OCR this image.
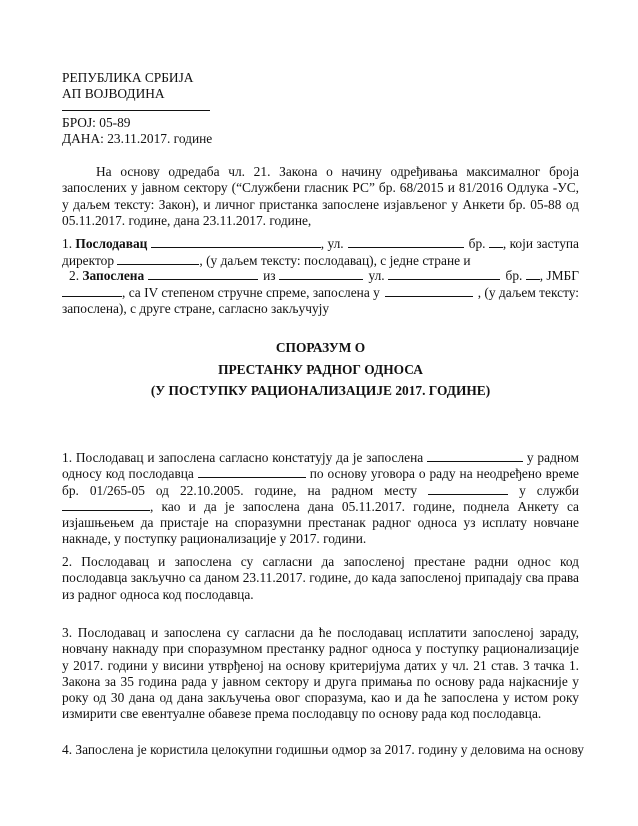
РЕПУБЛИКА СРБИЈА
АП ВОЈВОДИНА
БРОЈ: 05-89
ДАНА: 23.11.2017. године

На основу одредаба чл. 21. Закона о начину одређивања максималног броја запослених у јавном сектору (“Службени гласник РС” бр. 68/2015 и 81/2016 Одлука -УС, у даљем тексту: Закон), и личног пристанка запослене изјављеног у Анкети бр. 05-88 од 05.11.2017. године, дана 23.11.2017. године,

1. Послодавац	, ул.	бр. , који заступа
директор	, (у даљем тексту: послодавац), с једне стране и
2. Запослена	из	ул.	бр. , ЈМБГ
, са IV степеном стручне спреме, запослена у	, (у даљем тексту:
запослена), с друге стране, сагласно закључују
СПОРАЗУМ О
ПРЕСТАНКУ РАДНОГ ОДНОСА
(У ПОСТУПКУ РАЦИОНАЛИЗАЦИЈЕ 2017. ГОДИНЕ)

1. Послодавац и запослена сагласно констатују да је запослена	у радном односу код послодавца	по основу уговора о раду на неодређено време бр. 01/265-05 од 22.10.2005. године, на радном месту	у служби , као и да је запослена дана 05.11.2017. године, поднела Анкету са изјашњењем да пристаје на споразумни престанак радног односа уз исплату новчане накнаде, у поступку рационализације у 2017. години.

2. Послодавац и запослена су сагласни да запосленој престане радни однос код послодавца закључно са даном 23.11.2017. године, до када запосленој припадају сва права из радног односа код послодавца.

3. Послодавац и запослена су сагласни да ће послодавац исплатити запосленој зараду, новчану накнаду при споразумном престанку радног односа у поступку рационализације у 2017. години у висини утврђеној на основу критеријума датих у чл. 21 став. 3 тачка 1. Закона за 35 година рада у јавном сектору и друга примања по основу рада најкасније у року од 30 дана од дана закључења овог споразума, као и да ће запослена у истом року измирити све евентуалне обавезе према послодавцу по основу рада код послодавца.

4. Запослена је користила целокупни годишњи одмор за 2017. годину у деловима на основу
